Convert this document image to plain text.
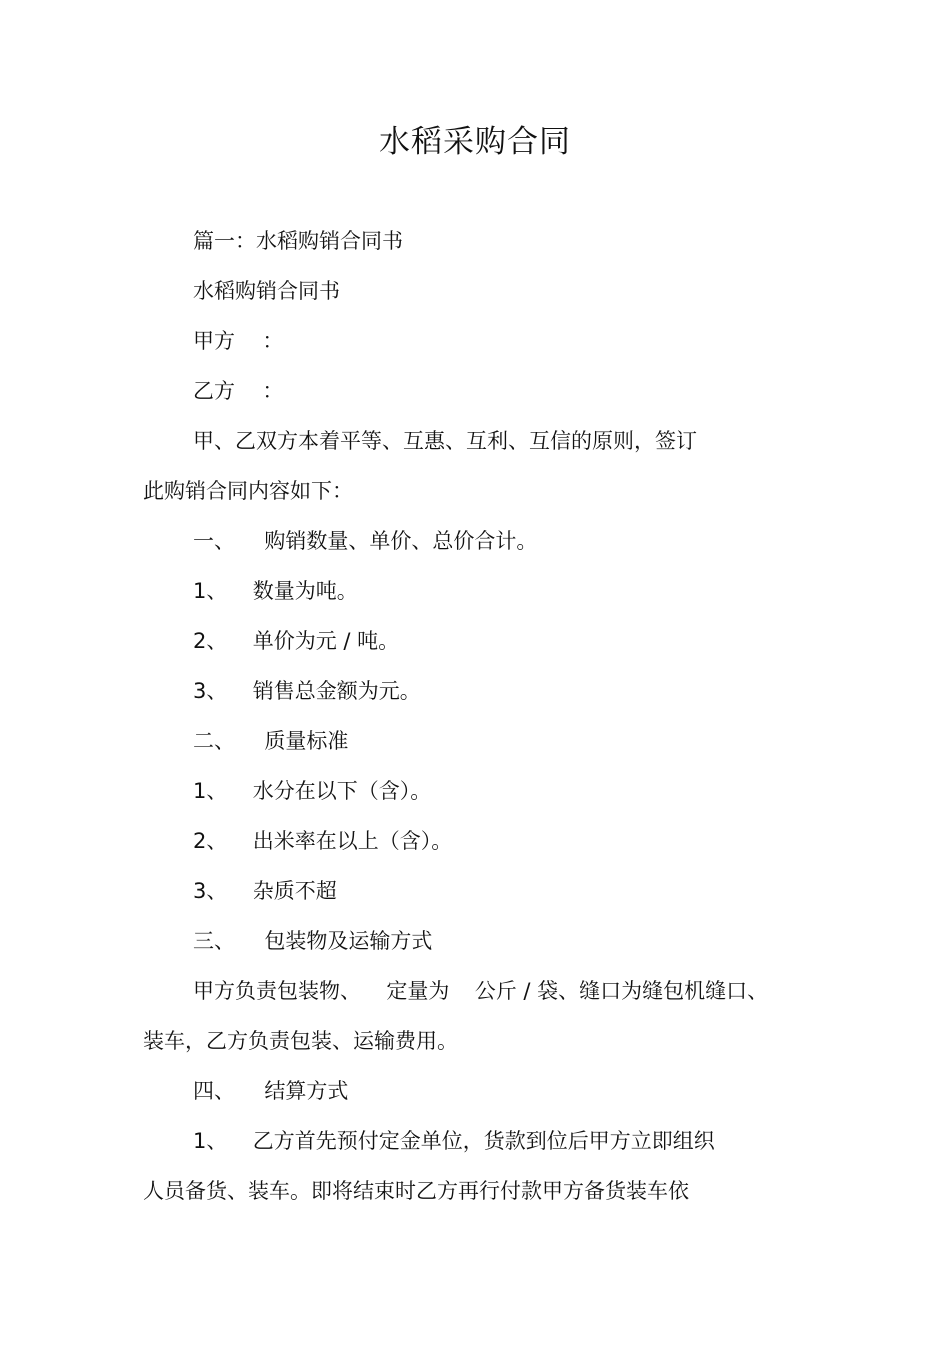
水稻采购合同
篇一：水稻购销合同书
水稻购销合同书
甲方 ：
乙方 ：
甲、乙双方本着平等、互惠、互利、互信的原则，签订
此购销合同内容如下：
一、 购销数量、单价、总价合计。
1、 数量为吨。
2、 单价为元 / 吨。
3、 销售总金额为元。
二、 质量标准
1、 水分在以下（含）。
2、 出米率在以上（含）。
3、 杂质不超
三、 包装物及运输方式
甲方负责包装物、 定量为 公斤 / 袋、缝口为缝包机缝口、
装车，乙方负责包装、运输费用。
四、 结算方式
1、 乙方首先预付定金单位，货款到位后甲方立即组织
人员备货、装车。即将结束时乙方再行付款甲方备货装车依
